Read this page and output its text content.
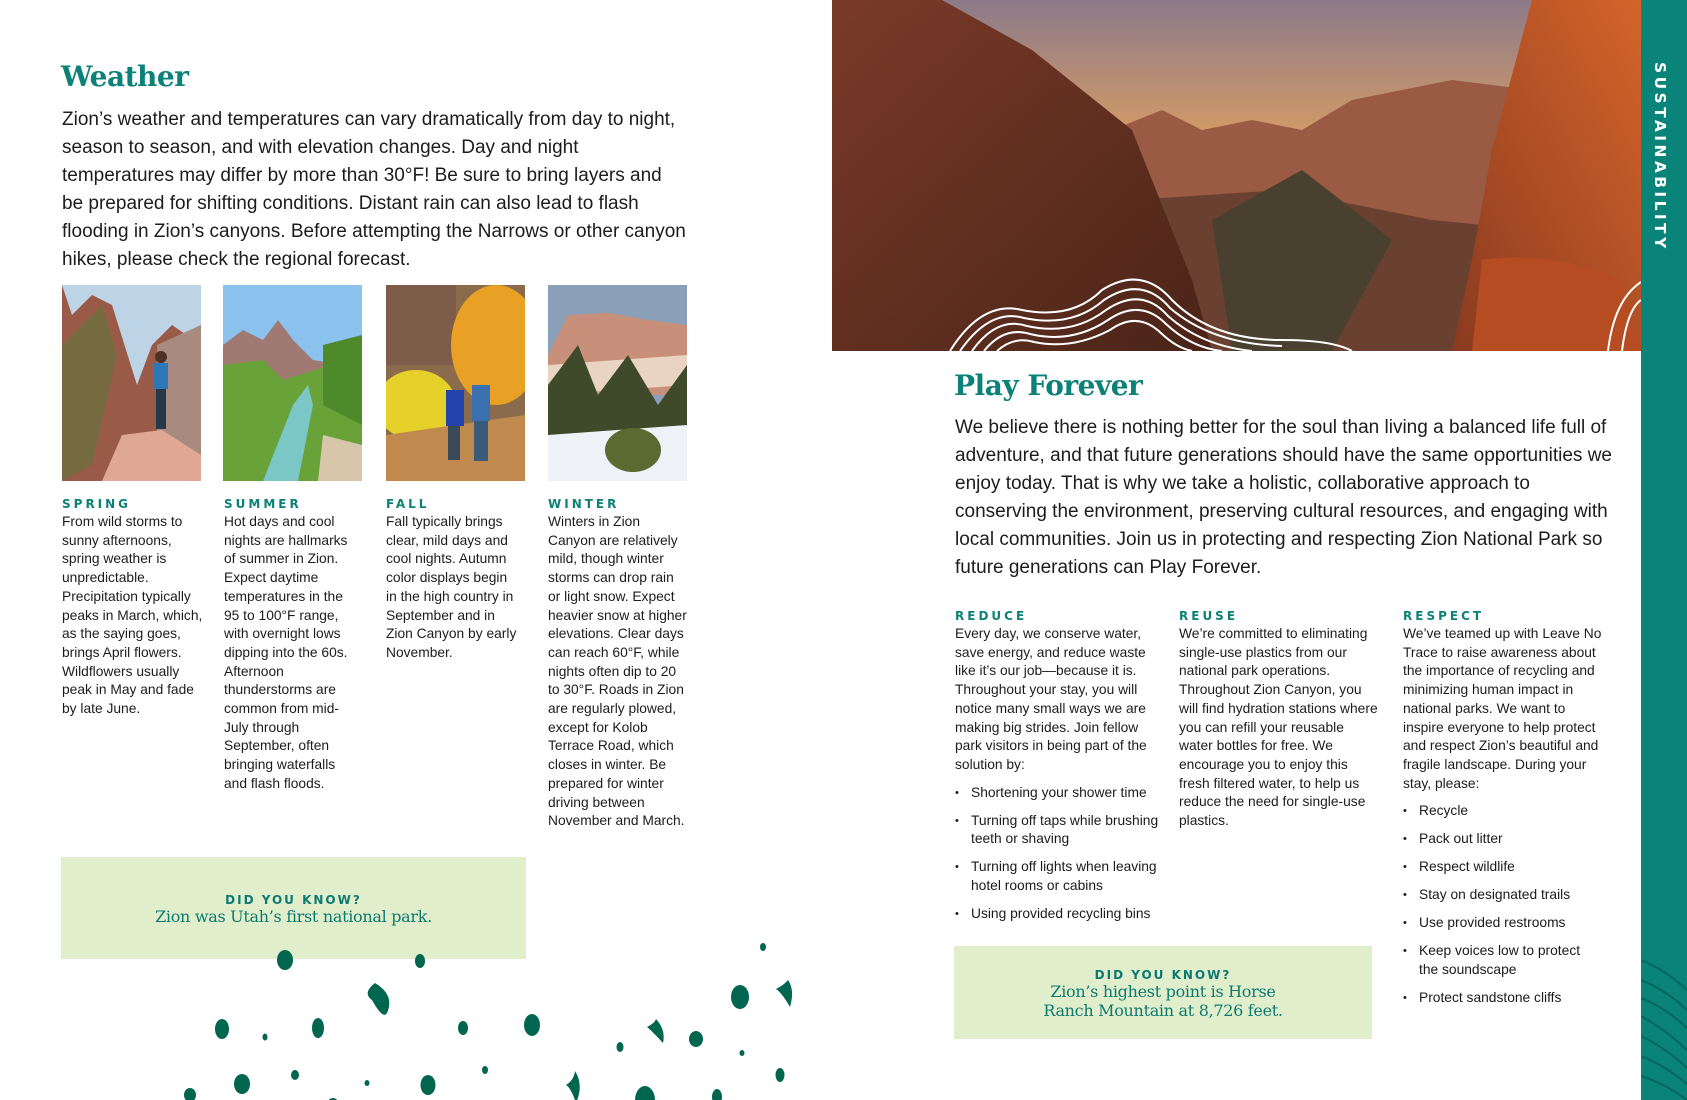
Weather

Zion’s weather and temperatures can vary dramatically from day to night, season to season, and with elevation changes. Day and night temperatures may differ by more than 30°F! Be sure to bring layers and be prepared for shifting conditions. Distant rain can also lead to flash flooding in Zion’s canyons. Before attempting the Narrows or other canyon hikes, please check the regional forecast.

SPRING

From wild storms to sunny afternoons, spring weather is unpredictable. Precipitation typically peaks in March, which, as the saying goes, brings April flowers. Wildflowers usually peak in May and fade by late June.

SUMMER

Hot days and cool nights are hallmarks of summer in Zion. Expect daytime temperatures in the 95 to 100°F range, with overnight lows dipping into the 60s. Afternoon thunderstorms are common from mid-July through September, often bringing waterfalls and flash floods.

FALL

Fall typically brings clear, mild days and cool nights. Autumn color displays begin in the high country in September and in Zion Canyon by early November.

WINTER

Winters in Zion Canyon are relatively mild, though winter storms can drop rain or light snow. Expect heavier snow at higher elevations. Clear days can reach 60°F, while nights often dip to 20 to 30°F. Roads in Zion are regularly plowed, except for Kolob Terrace Road, which closes in winter. Be prepared for winter driving between November and March.

DID YOU KNOW?
Zion was Utah’s first national park.
Play Forever

We believe there is nothing better for the soul than living a balanced life full of adventure, and that future generations should have the same opportunities we enjoy today. That is why we take a holistic, collaborative approach to conserving the environment, preserving cultural resources, and engaging with local communities. Join us in protecting and respecting Zion National Park so future generations can Play Forever.

REDUCE

Every day, we conserve water, save energy, and reduce waste like it’s our job—because it is. Throughout your stay, you will notice many small ways we are making big strides. Join fellow park visitors in being part of the solution by:

• Shortening your shower time
• Turning off taps while brushing teeth or shaving
• Turning off lights when leaving hotel rooms or cabins
• Using provided recycling bins

REUSE

We’re committed to eliminating single-use plastics from our national park operations. Throughout Zion Canyon, you will find hydration stations where you can refill your reusable water bottles for free. We encourage you to enjoy this fresh filtered water, to help us reduce the need for single-use plastics.

RESPECT

We’ve teamed up with Leave No Trace to raise awareness about the importance of recycling and minimizing human impact in national parks. We want to inspire everyone to help protect and respect Zion’s beautiful and fragile landscape. During your stay, please:

• Recycle
• Pack out litter
• Respect wildlife
• Stay on designated trails
• Use provided restrooms
• Keep voices low to protect the soundscape
• Protect sandstone cliffs
DID YOU KNOW?
Zion’s highest point is Horse
Ranch Mountain at 8,726 feet.
SUSTAINABILITY
